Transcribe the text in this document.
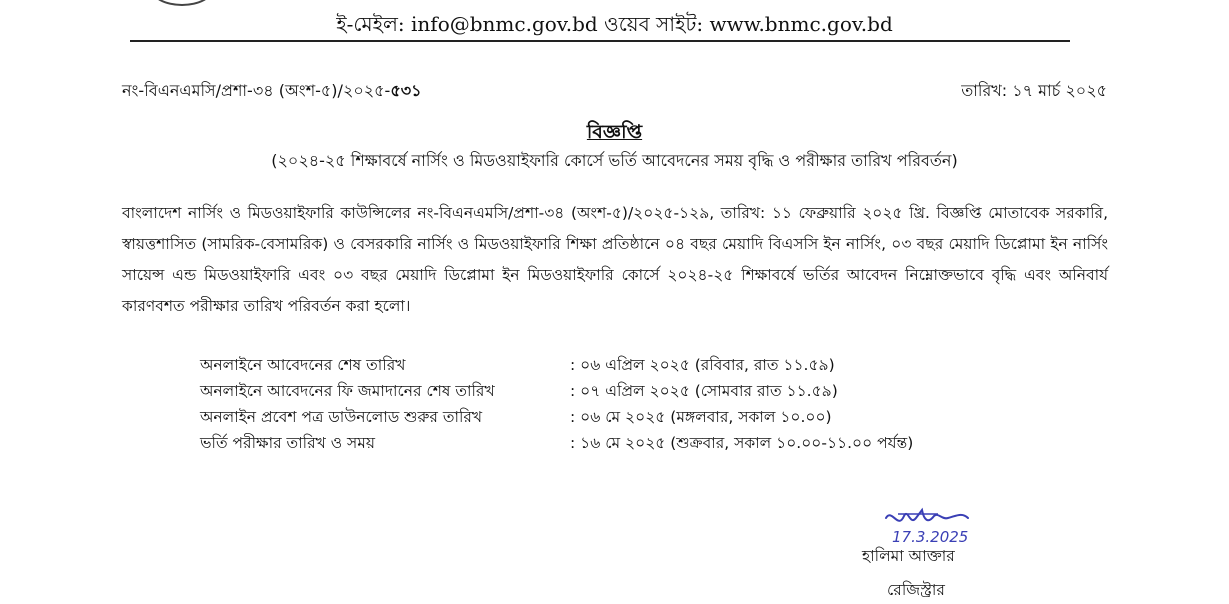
ই-মেইল: info@bnmc.gov.bd ওয়েব সাইট: www.bnmc.gov.bd
নং-বিএনএমসি/প্রশা-৩৪ (অংশ-৫)/২০২৫-৫৩১	তারিখ: ১৭ মার্চ ২০২৫
বিজ্ঞপ্তি
(২০২৪-২৫ শিক্ষাবর্ষে নার্সিং ও মিডওয়াইফারি কোর্সে ভর্তি আবেদনের সময় বৃদ্ধি ও পরীক্ষার তারিখ পরিবর্তন)
বাংলাদেশ নার্সিং ও মিডওয়াইফারি কাউন্সিলের নং-বিএনএমসি/প্রশা-৩৪ (অংশ-৫)/২০২৫-১২৯, তারিখ: ১১ ফেব্রুয়ারি ২০২৫ খ্রি. বিজ্ঞপ্তি মোতাবেক সরকারি, স্বায়ত্তশাসিত (সামরিক-বেসামরিক) ও বেসরকারি নার্সিং ও মিডওয়াইফারি শিক্ষা প্রতিষ্ঠানে ০৪ বছর মেয়াদি বিএসসি ইন নার্সিং, ০৩ বছর মেয়াদি ডিপ্লোমা ইন নার্সিং সায়েন্স এন্ড মিডওয়াইফারি এবং ০৩ বছর মেয়াদি ডিপ্লোমা ইন মিডওয়াইফারি কোর্সে ২০২৪-২৫ শিক্ষাবর্ষে ভর্তির আবেদন নিম্নোক্তভাবে বৃদ্ধি এবং অনিবার্য কারণবশত পরীক্ষার তারিখ পরিবর্তন করা হলো।
অনলাইনে আবেদনের শেষ তারিখ	: ০৬ এপ্রিল ২০২৫ (রবিবার, রাত ১১.৫৯)
অনলাইনে আবেদনের ফি জমাদানের শেষ তারিখ	: ০৭ এপ্রিল ২০২৫ (সোমবার রাত ১১.৫৯)
অনলাইন প্রবেশ পত্র ডাউনলোড শুরুর তারিখ	: ০৬ মে ২০২৫ (মঙ্গলবার, সকাল ১০.০০)
ভর্তি পরীক্ষার তারিখ ও সময়	: ১৬ মে ২০২৫ (শুক্রবার, সকাল ১০.০০-১১.০০ পর্যন্ত)
17.3.2025
হালিমা আক্তার
রেজিস্ট্রার
